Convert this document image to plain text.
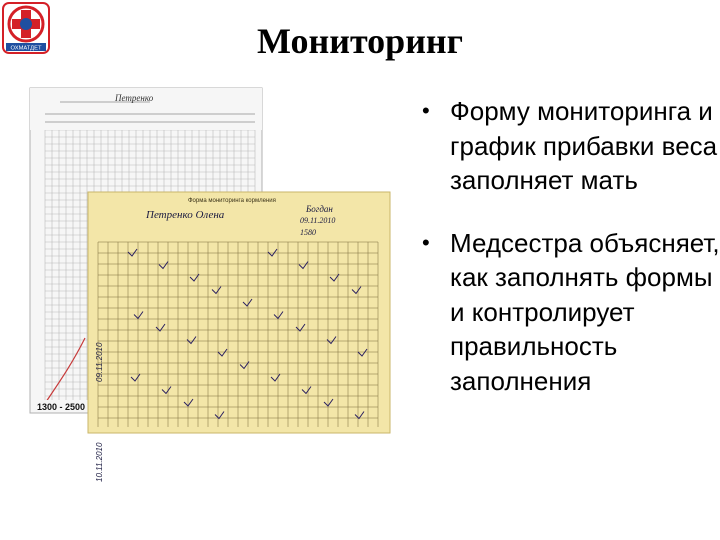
ОХМАТДЕТ	Мониторинг
Петренко
1300 - 2500
Форма мониторинга кормления
Петренко Олена	Богдан
09.11.2010
1580
09.11.2010
10.11.2010
• Форму мониторинга и график прибавки веса заполняет мать
• Медсестра объясняет, как заполнять формы и контролирует правильность заполнения
